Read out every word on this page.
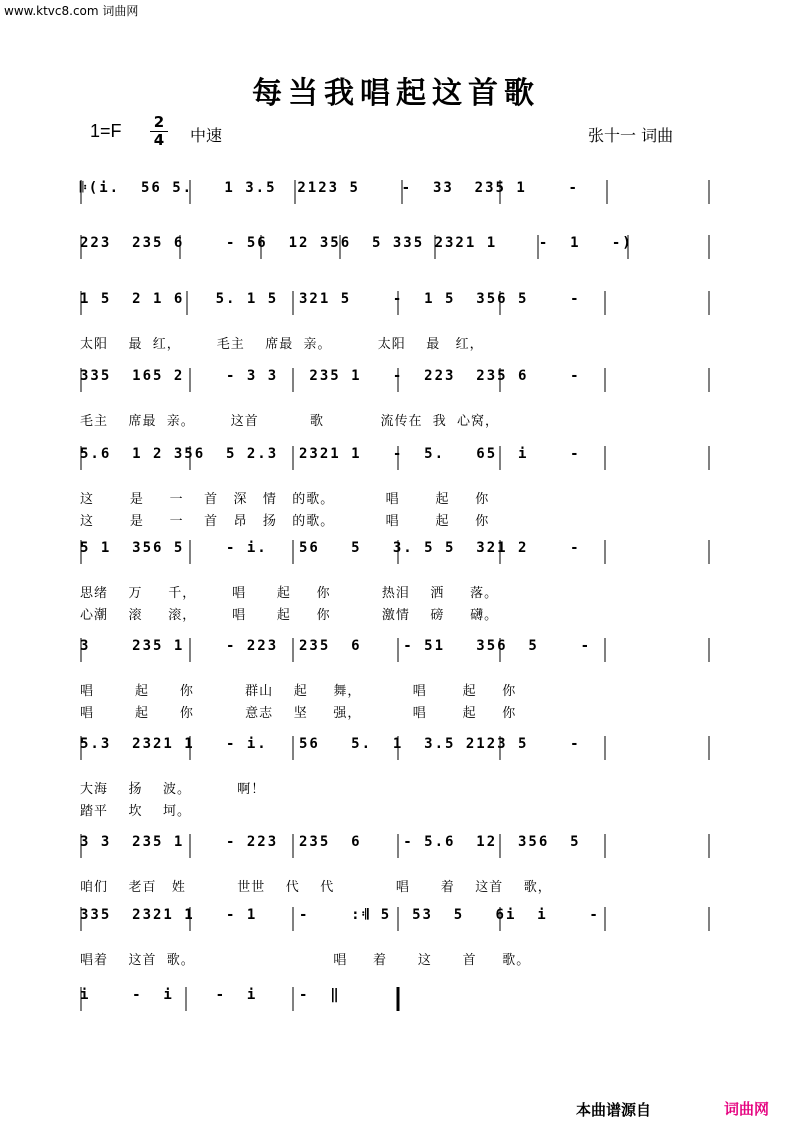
www.ktvc8.com 词曲网
每当我唱起这首歌
1=F 2
4 中速	张十一 词曲
𝄆(i.  56 5.   1 3.5  2123 5    -  33  235 1    -
223  235 6    - 56  12 356  5 335 2321 1    -  1   -)
1 5  2 1 6   5. 1 5  321 5    -  1 5  356 5    -
太阳    最  红，       毛主    席最  亲。         太阳    最   红，
335  165 2    - 3 3   235 1   -  223  235 6    -
毛主    席最  亲。       这首          歌           流传在  我  心窝，
5.6  1 2 356  5 2.3  2321 1   -  5.   65  i    -
这       是     一    首   深   情   的歌。          唱       起     你
这       是     一    首   昂   扬   的歌。          唱       起     你
5 1  356 5    - i.   56   5   3. 5 5  321 2    -
思绪    万     千，       唱      起     你          热泪    洒     落。
心潮    滚     滚，       唱      起     你          激情    磅     礴。
3    235 1    - 223  235  6    - 51   356  5    -
唱        起      你          群山    起     舞，          唱       起     你
唱        起      你          意志    坚     强，          唱       起     你
5.3  2321 1   - i.   56   5.  1  3.5 2123 5    -
大海    扬    波。         啊！
踏平    坎    坷。
3 3  235 1    - 223  235  6    - 5.6  12  356  5
咱们    老百   姓          世世    代    代            唱      着    这首    歌，
335  2321 1   - 1    -    :𝄇 5  53  5   6i  i    -
唱着    这首  歌。                           唱     着      这      首     歌。
i    -  i    -  i    -  ‖
本曲谱源自	词曲网
